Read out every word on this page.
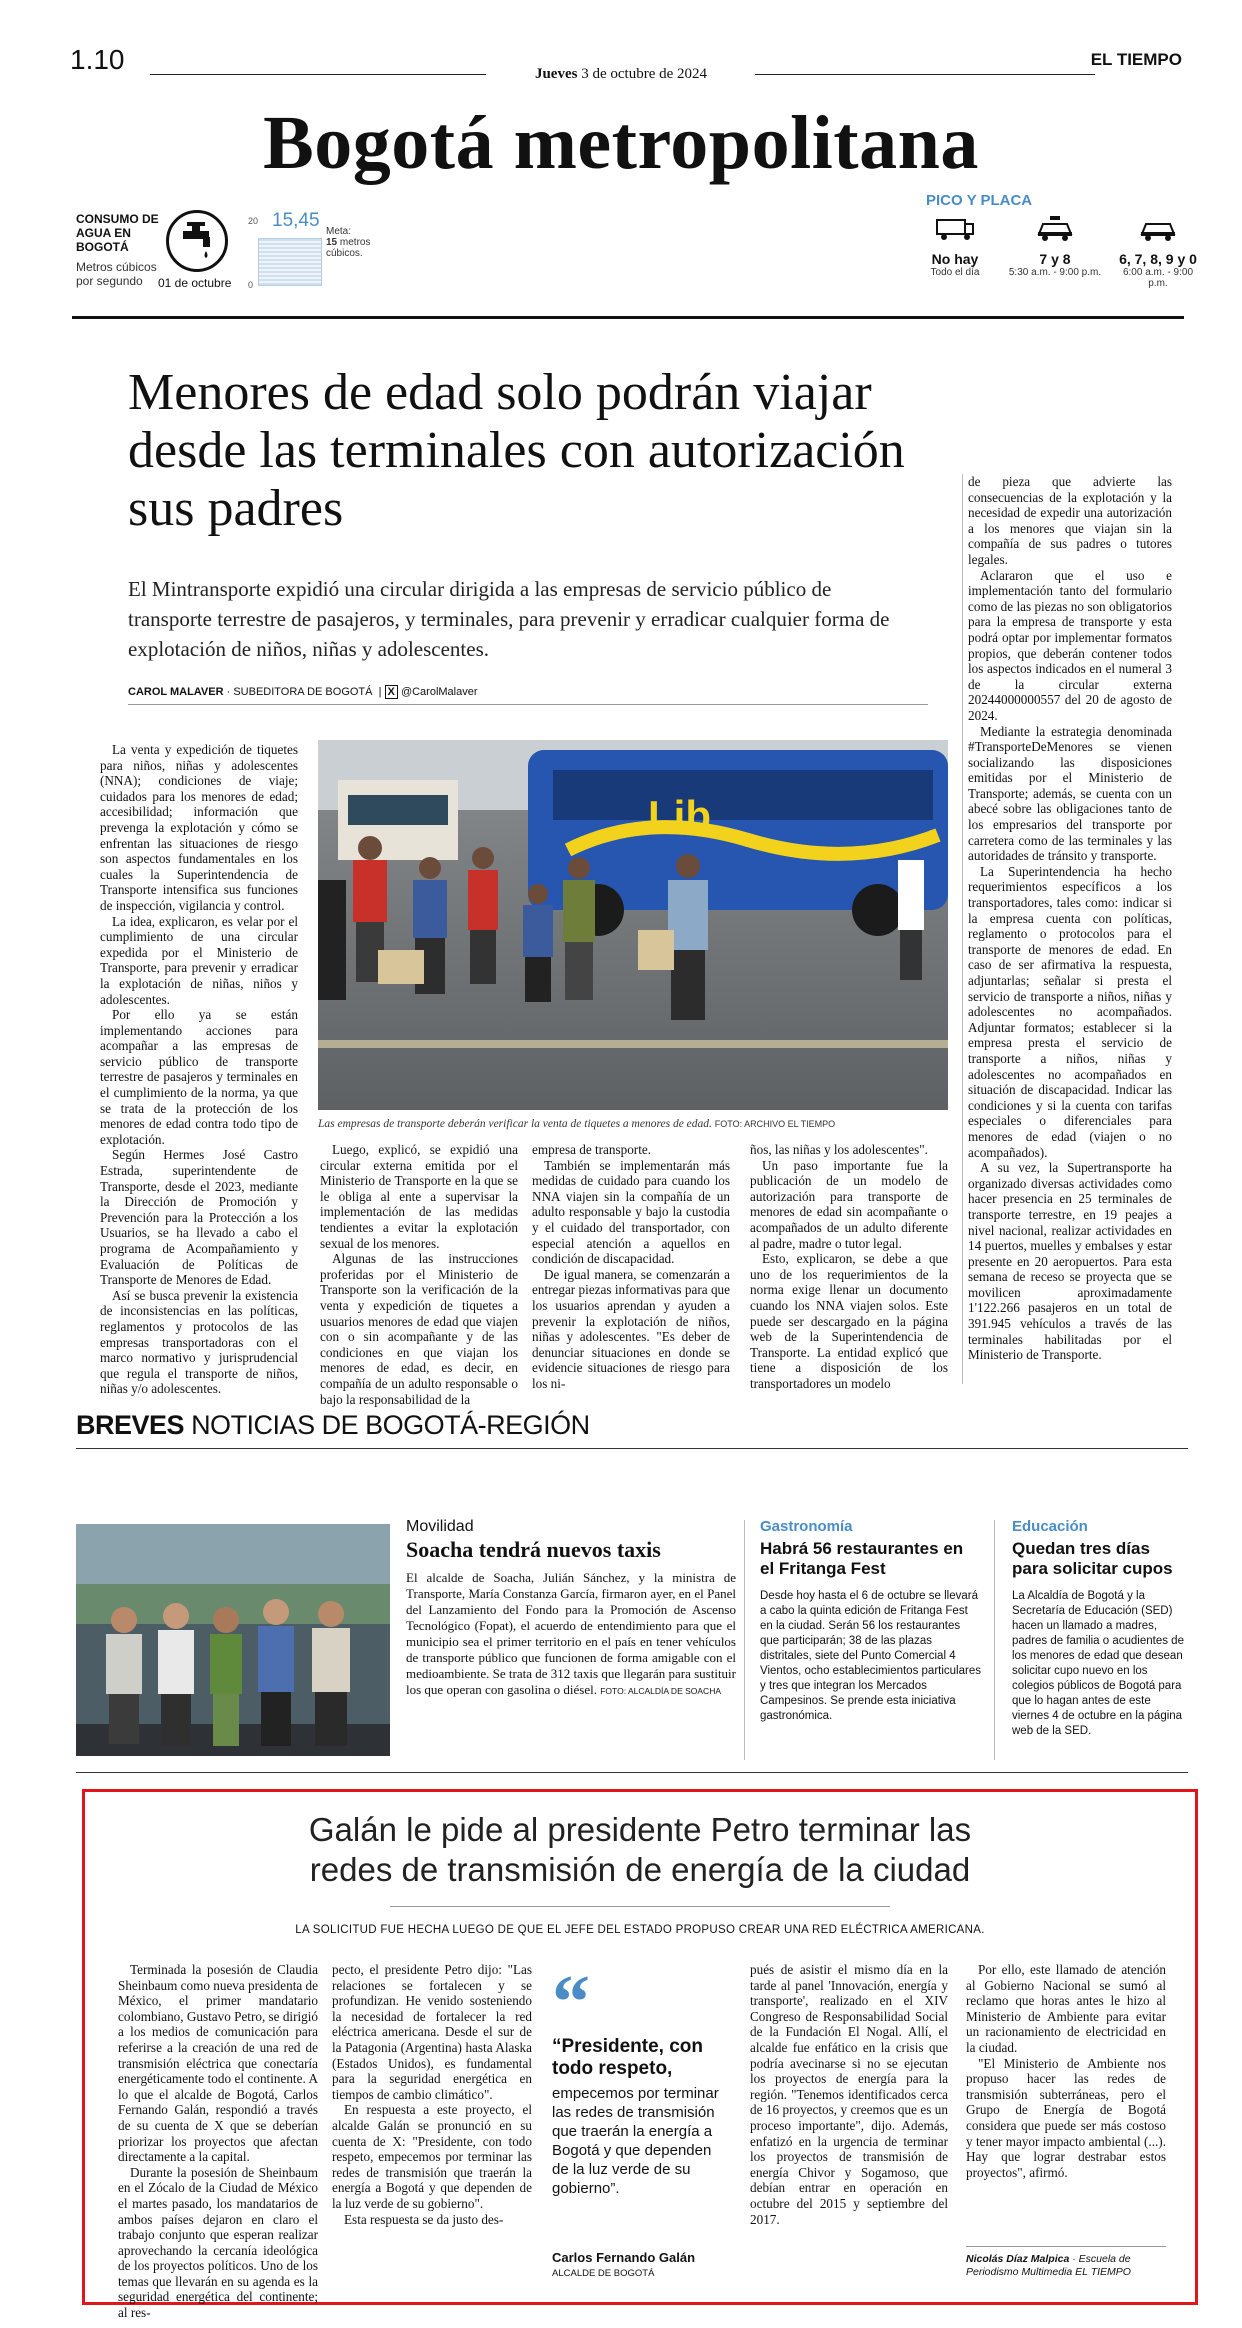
1.10	Jueves 3 de octubre de 2024
EL TIEMPO
Bogotá metropolitana
CONSUMO DE AGUA EN BOGOTÁ
Metros cúbicos por segundo	01 de octubre
20
0
15,45
Meta:
15 metros cúbicos.
PICO Y PLACA
No hay
Todo el día
7 y 8
5:30 a.m. - 9:00 p.m.
6, 7, 8, 9 y 0
6:00 a.m. - 9:00 p.m.
Menores de edad solo podrán viajar desde las terminales con autorización sus padres
El Mintransporte expidió una circular dirigida a las empresas de servicio público de transporte terrestre de pasajeros, y terminales, para prevenir y erradicar cualquier forma de explotación de niños, niñas y adolescentes.
CAROL MALAVER · SUBEDITORA DE BOGOTÁ  | X @CarolMalaver

La venta y expedición de tiquetes para niños, niñas y adolescentes (NNA); condiciones de viaje; cuidados para los menores de edad; accesibilidad; información que prevenga la explotación y cómo se enfrentan las situaciones de riesgo son aspectos fundamentales en los cuales la Superintendencia de Transporte intensifica sus funciones de inspección, vigilancia y control.

La idea, explicaron, es velar por el cumplimiento de una circular expedida por el Ministerio de Transporte, para prevenir y erradicar la explotación de niñas, niños y adolescentes.

Por ello ya se están implementando acciones para acompañar a las empresas de servicio público de transporte terrestre de pasajeros y terminales en el cumplimiento de la norma, ya que se trata de la protección de los menores de edad contra todo tipo de explotación.

Según Hermes José Castro Estrada, superintendente de Transporte, desde el 2023, mediante la Dirección de Promoción y Prevención para la Protección a los Usuarios, se ha llevado a cabo el programa de Acompañamiento y Evaluación de Políticas de Transporte de Menores de Edad.

Así se busca prevenir la existencia de inconsistencias en las políticas, reglamentos y protocolos de las empresas transportadoras con el marco normativo y jurisprudencial que regula el transporte de niños, niñas y/o adolescentes.

Lib
Las empresas de transporte deberán verificar la venta de tiquetes a menores de edad. FOTO: ARCHIVO EL TIEMPO

Luego, explicó, se expidió una circular externa emitida por el Ministerio de Transporte en la que se le obliga al ente a supervisar la implementación de las medidas tendientes a evitar la explotación sexual de los menores.

Algunas de las instrucciones proferidas por el Ministerio de Transporte son la verificación de la venta y expedición de tiquetes a usuarios menores de edad que viajen con o sin acompañante y de las condiciones en que viajan los menores de edad, es decir, en compañía de un adulto responsable o bajo la responsabilidad de la

empresa de transporte.

También se implementarán más medidas de cuidado para cuando los NNA viajen sin la compañía de un adulto responsable y bajo la custodia y el cuidado del transportador, con especial atención a aquellos en condición de discapacidad.

De igual manera, se comenzarán a entregar piezas informativas para que los usuarios aprendan y ayuden a prevenir la explotación de niños, niñas y adolescentes. "Es deber de denunciar situaciones en donde se evidencie situaciones de riesgo para los ni-

ños, las niñas y los adolescentes".

Un paso importante fue la publicación de un modelo de autorización para transporte de menores de edad sin acompañante o acompañados de un adulto diferente al padre, madre o tutor legal.

Esto, explicaron, se debe a que uno de los requerimientos de la norma exige llenar un documento cuando los NNA viajen solos. Este puede ser descargado en la página web de la Superintendencia de Transporte. La entidad explicó que tiene a disposición de los transportadores un modelo

de pieza que advierte las consecuencias de la explotación y la necesidad de expedir una autorización a los menores que viajan sin la compañía de sus padres o tutores legales.

Aclararon que el uso e implementación tanto del formulario como de las piezas no son obligatorios para la empresa de transporte y esta podrá optar por implementar formatos propios, que deberán contener todos los aspectos indicados en el numeral 3 de la circular externa 20244000000557 del 20 de agosto de 2024.

Mediante la estrategia denominada #TransporteDeMenores se vienen socializando las disposiciones emitidas por el Ministerio de Transporte; además, se cuenta con un abecé sobre las obligaciones tanto de los empresarios del transporte por carretera como de las terminales y las autoridades de tránsito y transporte.

La Superintendencia ha hecho requerimientos específicos a los transportadores, tales como: indicar si la empresa cuenta con políticas, reglamento o protocolos para el transporte de menores de edad. En caso de ser afirmativa la respuesta, adjuntarlas; señalar si presta el servicio de transporte a niños, niñas y adolescentes no acompañados. Adjuntar formatos; establecer si la empresa presta el servicio de transporte a niños, niñas y adolescentes no acompañados en situación de discapacidad. Indicar las condiciones y si la cuenta con tarifas especiales o diferenciales para menores de edad (viajen o no acompañados).

A su vez, la Supertransporte ha organizado diversas actividades como hacer presencia en 25 terminales de transporte terrestre, en 19 peajes a nivel nacional, realizar actividades en 14 puertos, muelles y embalses y estar presente en 20 aeropuertos. Para esta semana de receso se proyecta que se movilicen aproximadamente 1'122.266 pasajeros en un total de 391.945 vehículos a través de las terminales habilitadas por el Ministerio de Transporte.

BREVES NOTICIAS DE BOGOTÁ-REGIÓN
Movilidad
Soacha tendrá nuevos taxis
El alcalde de Soacha, Julián Sánchez, y la ministra de Transporte, María Constanza García, firmaron ayer, en el Panel del Lanzamiento del Fondo para la Promoción de Ascenso Tecnológico (Fopat), el acuerdo de entendimiento para que el municipio sea el primer territorio en el país en tener vehículos de transporte público que funcionen de forma amigable con el medioambiente. Se trata de 312 taxis que llegarán para sustituir los que operan con gasolina o diésel. FOTO: ALCALDÍA DE SOACHA
Gastronomía
Habrá 56 restaurantes en el Fritanga Fest
Desde hoy hasta el 6 de octubre se llevará a cabo la quinta edición de Fritanga Fest en la ciudad. Serán 56 los restaurantes que participarán; 38 de las plazas distritales, siete del Punto Comercial 4 Vientos, ocho establecimientos particulares y tres que integran los Mercados Campesinos. Se prende esta iniciativa gastronómica.
Educación
Quedan tres días para solicitar cupos
La Alcaldía de Bogotá y la Secretaría de Educación (SED) hacen un llamado a madres, padres de familia o acudientes de los menores de edad que desean solicitar cupo nuevo en los colegios públicos de Bogotá para que lo hagan antes de este viernes 4 de octubre en la página web de la SED.
Galán le pide al presidente Petro terminar las redes de transmisión de energía de la ciudad
LA SOLICITUD FUE HECHA LUEGO DE QUE EL JEFE DEL ESTADO PROPUSO CREAR UNA RED ELÉCTRICA AMERICANA.

Terminada la posesión de Claudia Sheinbaum como nueva presidenta de México, el primer mandatario colombiano, Gustavo Petro, se dirigió a los medios de comunicación para referirse a la creación de una red de transmisión eléctrica que conectaría energéticamente todo el continente. A lo que el alcalde de Bogotá, Carlos Fernando Galán, respondió a través de su cuenta de X que se deberían priorizar los proyectos que afectan directamente a la capital.

Durante la posesión de Sheinbaum en el Zócalo de la Ciudad de México el martes pasado, los mandatarios de ambos países dejaron en claro el trabajo conjunto que esperan realizar aprovechando la cercanía ideológica de los proyectos políticos. Uno de los temas que llevarán en su agenda es la seguridad energética del continente; al res-

pecto, el presidente Petro dijo: "Las relaciones se fortalecen y se profundizan. He venido sosteniendo la necesidad de fortalecer la red eléctrica americana. Desde el sur de la Patagonia (Argentina) hasta Alaska (Estados Unidos), es fundamental para la seguridad energética en tiempos de cambio climático".

En respuesta a este proyecto, el alcalde Galán se pronunció en su cuenta de X: "Presidente, con todo respeto, empecemos por terminar las redes de transmisión que traerán la energía a Bogotá y que dependen de la luz verde de su gobierno".

Esta respuesta se da justo des-

“
“Presidente, con todo respeto,
empecemos por terminar las redes de transmisión que traerán la energía a Bogotá y que dependen de la luz verde de su gobierno”.
Carlos Fernando Galán
ALCALDE DE BOGOTÁ

pués de asistir el mismo día en la tarde al panel 'Innovación, energía y transporte', realizado en el XIV Congreso de Responsabilidad Social de la Fundación El Nogal. Allí, el alcalde fue enfático en la crisis que podría avecinarse si no se ejecutan los proyectos de energía para la región. "Tenemos identificados cerca de 16 proyectos, y creemos que es un proceso importante", dijo. Además, enfatizó en la urgencia de terminar los proyectos de transmisión de energía Chivor y Sogamoso, que debían entrar en operación en octubre del 2015 y septiembre del 2017.

Por ello, este llamado de atención al Gobierno Nacional se sumó al reclamo que horas antes le hizo al Ministerio de Ambiente para evitar un racionamiento de electricidad en la ciudad.

"El Ministerio de Ambiente nos propuso hacer las redes de transmisión subterráneas, pero el Grupo de Energía de Bogotá considera que puede ser más costoso y tener mayor impacto ambiental (...). Hay que lograr destrabar estos proyectos", afirmó.

Nicolás Díaz Malpica · Escuela de Periodismo Multimedia EL TIEMPO
